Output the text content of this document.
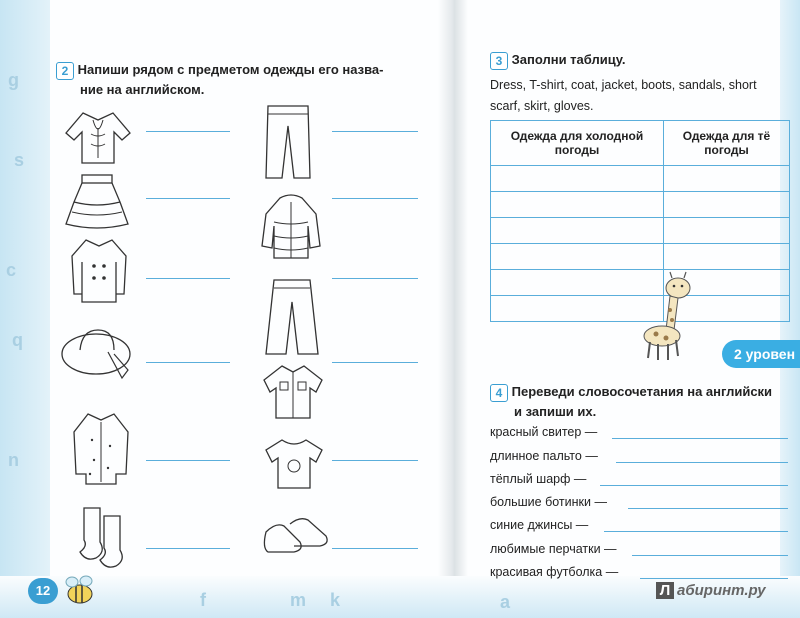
g
s
c
q
n
f	m k	a
2 Напиши рядом с предметом одежды его назва-
ние на английском.
12
3 Заполни таблицу.
Dress, T-shirt, coat, jacket, boots, sandals, short
scarf, skirt, gloves.
Одежда для холодной погоды	Одежда для тё погоды

2 уровен
4 Переведи словосочетания на английски
и запиши их.
красный свитер —
длинное пальто —
тёплый шарф —
большие ботинки —
синие джинсы —
любимые перчатки —
красивая футболка —
Л абиринт.ру
